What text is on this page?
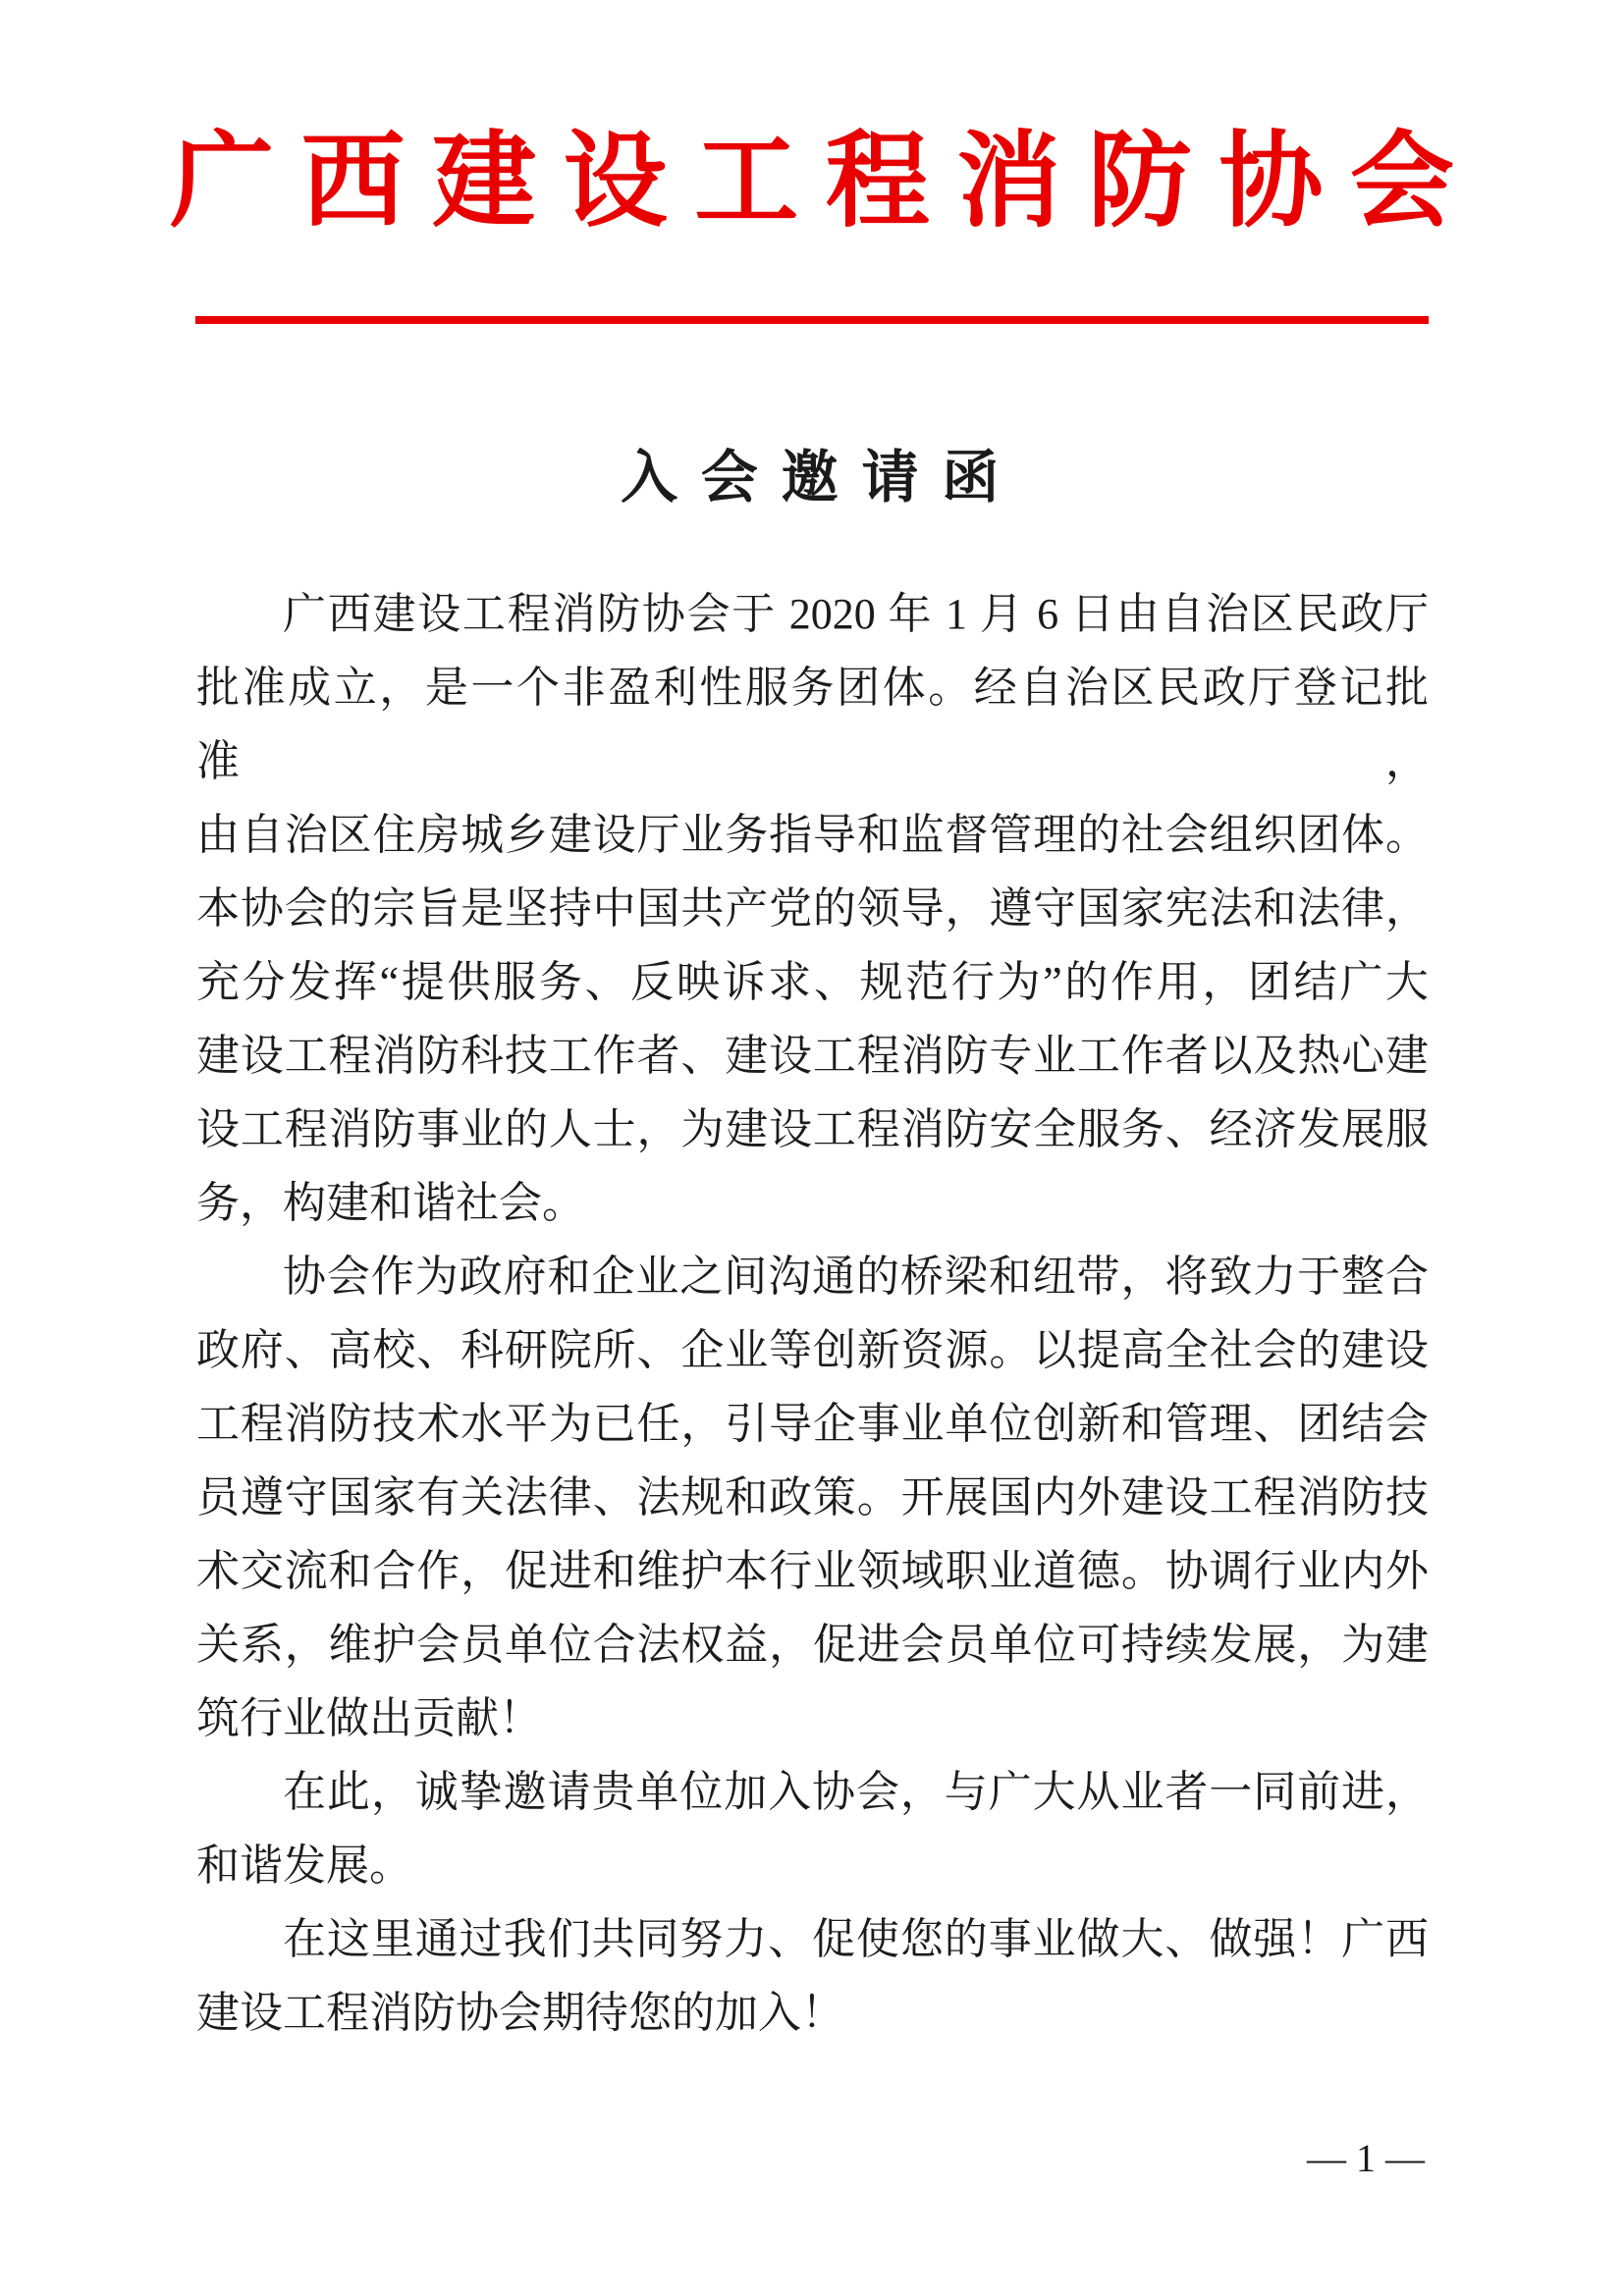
广西建设工程消防协会
入 会 邀 请 函
广西建设工程消防协会于 2020 年 1 月 6 日由自治区民政厅
批准成立，是一个非盈利性服务团体。经自治区民政厅登记批准，
由自治区住房城乡建设厅业务指导和监督管理的社会组织团体。
本协会的宗旨是坚持中国共产党的领导，遵守国家宪法和法律，
充分发挥“提供服务、反映诉求、规范行为”的作用，团结广大
建设工程消防科技工作者、建设工程消防专业工作者以及热心建
设工程消防事业的人士，为建设工程消防安全服务、经济发展服
务，构建和谐社会。
协会作为政府和企业之间沟通的桥梁和纽带，将致力于整合
政府、高校、科研院所、企业等创新资源。以提高全社会的建设
工程消防技术水平为已任，引导企事业单位创新和管理、团结会
员遵守国家有关法律、法规和政策。开展国内外建设工程消防技
术交流和合作，促进和维护本行业领域职业道德。协调行业内外
关系，维护会员单位合法权益，促进会员单位可持续发展，为建
筑行业做出贡献！
在此，诚挚邀请贵单位加入协会，与广大从业者一同前进，
和谐发展。
在这里通过我们共同努力、促使您的事业做大、做强！广西
建设工程消防协会期待您的加入！
— 1 —
